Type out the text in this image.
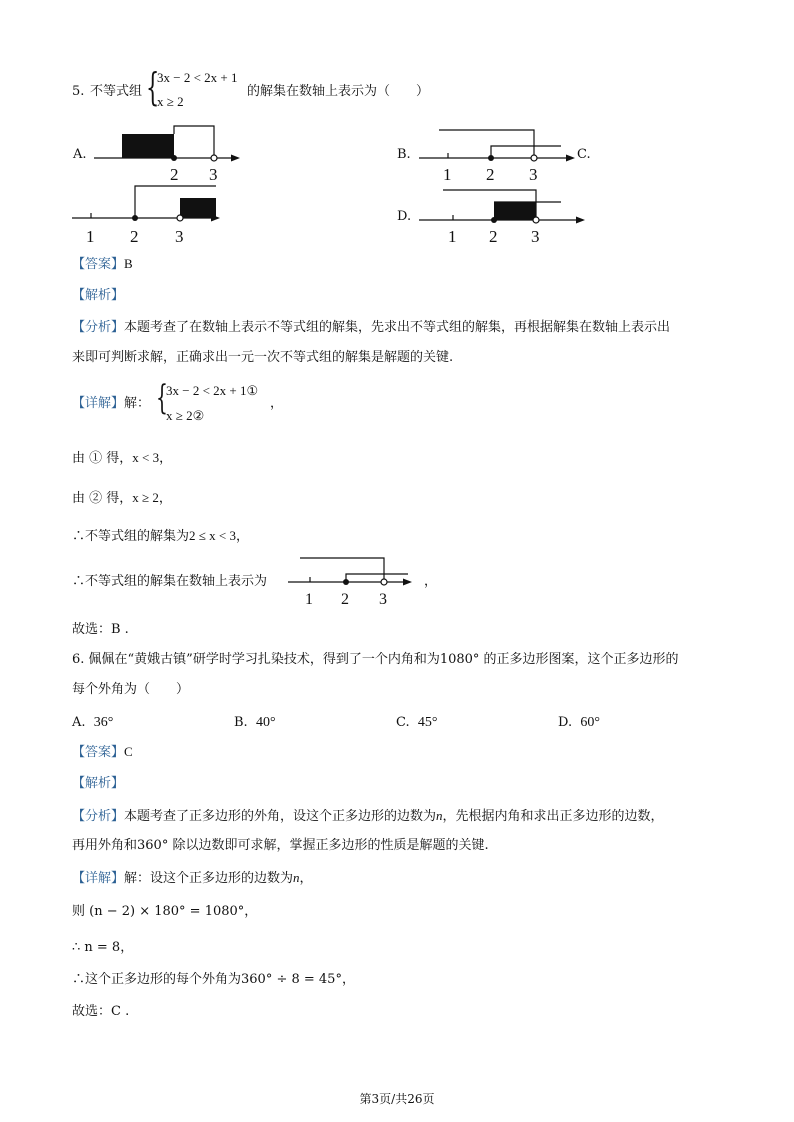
5. 不等式组 {
3x − 2 < 2x + 1
x ≥ 2
的解集在数轴上表示为（　　）
A.
2 3
B.
1 2 3
C.
1 2 3
D.
1 2 3
【答案】B
【解析】
【分析】本题考查了在数轴上表示不等式组的解集，先求出不等式组的解集，再根据解集在数轴上表示出
来即可判断求解，正确求出一元一次不等式组的解集是解题的关键.
【详解】解： {
3x − 2 < 2x + 1①
x ≥ 2②
，
由 ① 得，x < 3，
由 ② 得，x ≥ 2，
∴不等式组的解集为2 ≤ x < 3，
∴不等式组的解集在数轴上表示为
1 2 3
，
故选：B .
6. 佩佩在“黄娥古镇”研学时学习扎染技术，得到了一个内角和为1080° 的正多边形图案，这个正多边形的
每个外角为（　　）
A. 36°	B. 40°	C. 45°	D. 60°
【答案】C
【解析】
【分析】本题考查了正多边形的外角，设这个正多边形的边数为n，先根据内角和求出正多边形的边数，
再用外角和360° 除以边数即可求解，掌握正多边形的性质是解题的关键.
【详解】解：设这个正多边形的边数为n，
则 (n − 2) × 180° = 1080°，
∴ n = 8，
∴这个正多边形的每个外角为360° ÷ 8 = 45°，
故选：C .
第3页/共26页
